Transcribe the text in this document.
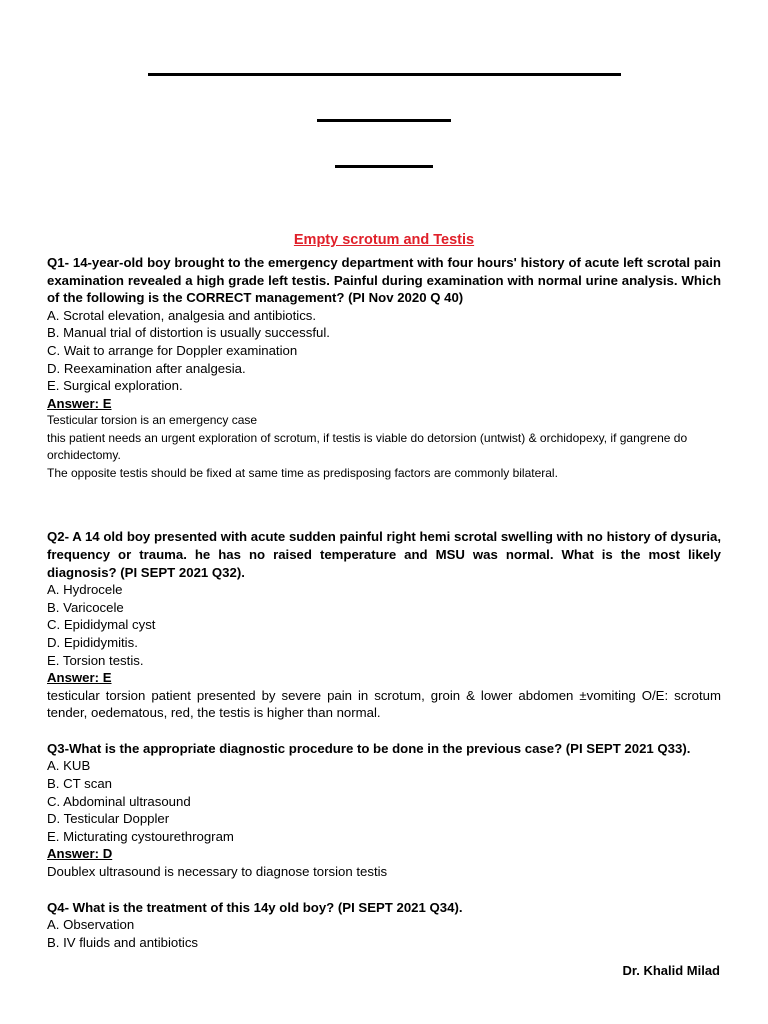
Empty scrotum and Testis

Q1- 14-year-old boy brought to the emergency department with four hours' history of acute left scrotal pain examination revealed a high grade left testis. Painful during examination with normal urine analysis. Which of the following is the CORRECT management? (PI Nov 2020 Q 40)

A. Scrotal elevation, analgesia and antibiotics.

B. Manual trial of distortion is usually successful.

C. Wait to arrange for Doppler examination

D. Reexamination after analgesia.

E. Surgical exploration.

Answer: E

Testicular torsion is an emergency case

this patient needs an urgent exploration of scrotum, if testis is viable do detorsion (untwist) & orchidopexy, if gangrene do orchidectomy.

The opposite testis should be fixed at same time as predisposing factors are commonly bilateral.

Q2- A 14 old boy presented with acute sudden painful right hemi scrotal swelling with no history of dysuria, frequency or trauma. he has no raised temperature and MSU was normal. What is the most likely diagnosis? (PI SEPT 2021 Q32).

A. Hydrocele

B. Varicocele

C. Epididymal cyst

D. Epididymitis.

E. Torsion testis.

Answer: E

testicular torsion patient presented by severe pain in scrotum, groin & lower abdomen ±vomiting O/E: scrotum tender, oedematous, red, the testis is higher than normal.

Q3-What is the appropriate diagnostic procedure to be done in the previous case? (PI SEPT 2021 Q33).

A. KUB

B. CT scan

C. Abdominal ultrasound

D. Testicular Doppler

E. Micturating cystourethrogram

Answer: D

Doublex ultrasound is necessary to diagnose torsion testis

Q4- What is the treatment of this 14y old boy? (PI SEPT 2021 Q34).

A. Observation

B. IV fluids and antibiotics

Dr. Khalid Milad
